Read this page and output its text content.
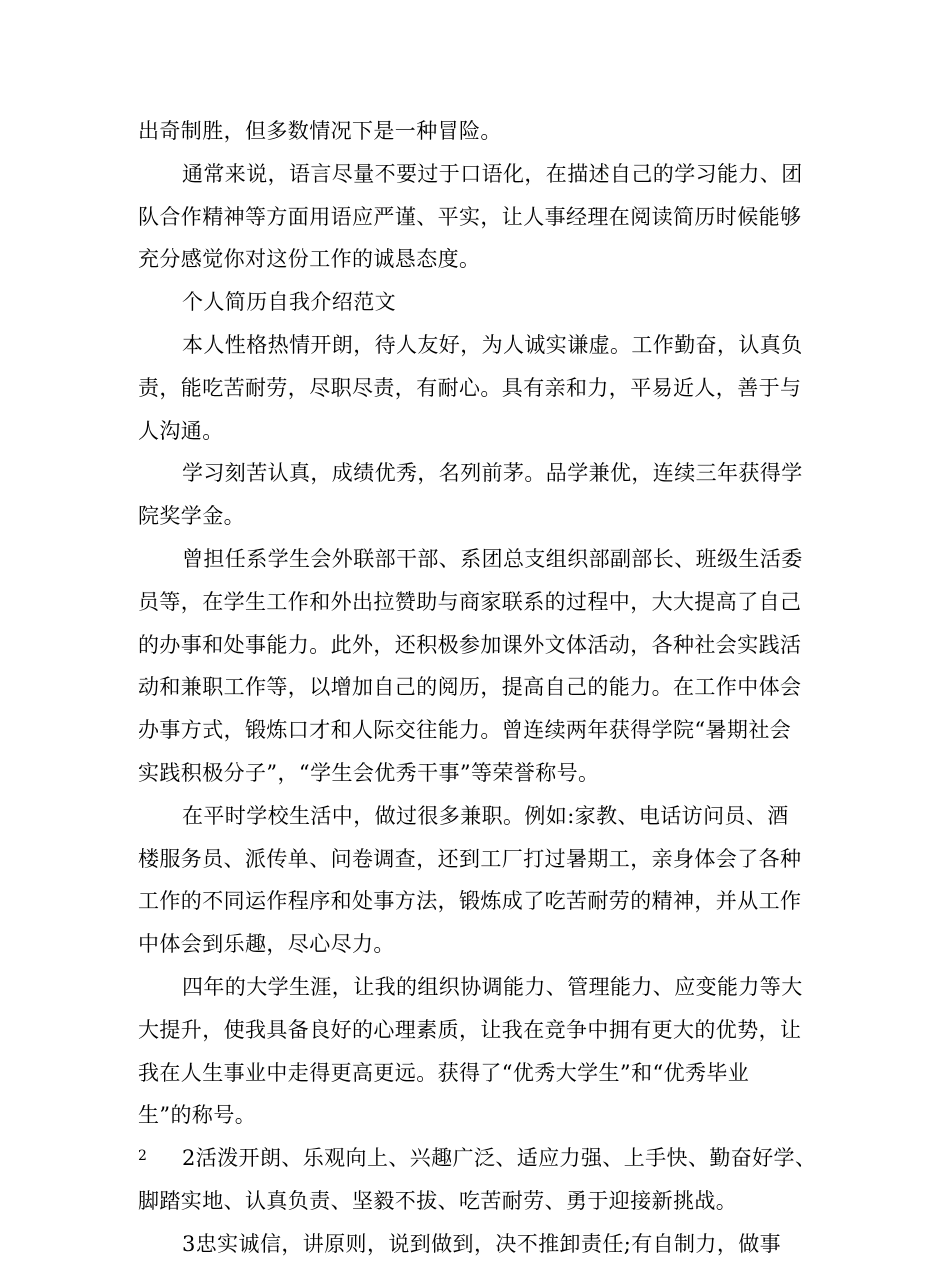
出奇制胜，但多数情况下是一种冒险。
通常来说，语言尽量不要过于口语化，在描述自己的学习能力、团
队合作精神等方面用语应严谨、平实，让人事经理在阅读简历时候能够
充分感觉你对这份工作的诚恳态度。
个人简历自我介绍范文
本人性格热情开朗，待人友好，为人诚实谦虚。工作勤奋，认真负
责，能吃苦耐劳，尽职尽责，有耐心。具有亲和力，平易近人，善于与
人沟通。
学习刻苦认真，成绩优秀，名列前茅。品学兼优，连续三年获得学
院奖学金。
曾担任系学生会外联部干部、系团总支组织部副部长、班级生活委
员等，在学生工作和外出拉赞助与商家联系的过程中，大大提高了自己
的办事和处事能力。此外，还积极参加课外文体活动，各种社会实践活
动和兼职工作等，以增加自己的阅历，提高自己的能力。在工作中体会
办事方式，锻炼口才和人际交往能力。曾连续两年获得学院“暑期社会
实践积极分子”，“学生会优秀干事”等荣誉称号。
在平时学校生活中，做过很多兼职。例如:家教、电话访问员、酒
楼服务员、派传单、问卷调查，还到工厂打过暑期工，亲身体会了各种
工作的不同运作程序和处事方法，锻炼成了吃苦耐劳的精神，并从工作
中体会到乐趣，尽心尽力。
四年的大学生涯，让我的组织协调能力、管理能力、应变能力等大
大提升，使我具备良好的心理素质，让我在竞争中拥有更大的优势，让
我在人生事业中走得更高更远。获得了“优秀大学生”和“优秀毕业
生”的称号。
2活泼开朗、乐观向上、兴趣广泛、适应力强、上手快、勤奋好学、
脚踏实地、认真负责、坚毅不拔、吃苦耐劳、勇于迎接新挑战。
3忠实诚信，讲原则，说到做到，决不推卸责任;有自制力，做事
2
